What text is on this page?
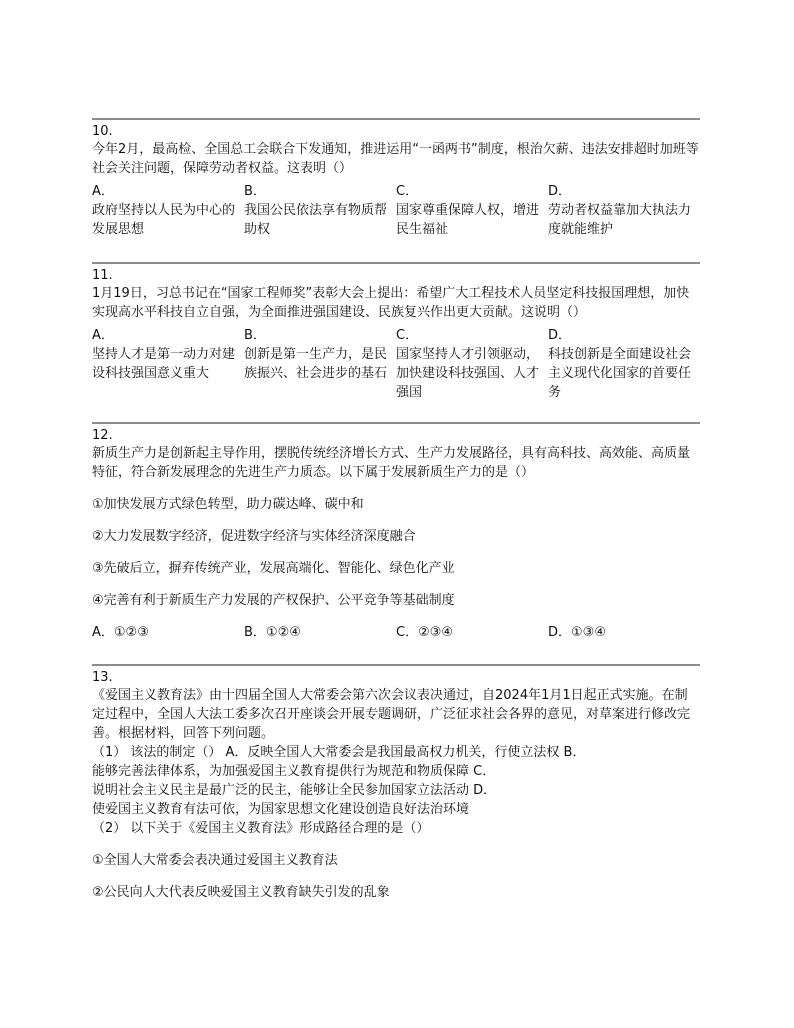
10.
今年2月，最高检、全国总工会联合下发通知，推进运用“一函两书”制度，根治欠薪、违法安排超时加班等社会关注问题，保障劳动者权益。这表明（）
A．
政府坚持以人民为中心的发展思想
B．
我国公民依法享有物质帮助权
C．
国家尊重保障人权，增进民生福祉
D．
劳动者权益靠加大执法力度就能维护
11.
1月19日，习总书记在“国家工程师奖”表彰大会上提出：希望广大工程技术人员坚定科技报国理想，加快实现高水平科技自立自强，为全面推进强国建设、民族复兴作出更大贡献。这说明（）
A．
坚持人才是第一动力对建设科技强国意义重大
B．
创新是第一生产力，是民族振兴、社会进步的基石
C．
国家坚持人才引领驱动，加快建设科技强国、人才强国
D．
科技创新是全面建设社会主义现代化国家的首要任务
12.
新质生产力是创新起主导作用，摆脱传统经济增长方式、生产力发展路径，具有高科技、高效能、高质量特征，符合新发展理念的先进生产力质态。以下属于发展新质生产力的是（）
①加快发展方式绿色转型，助力碳达峰、碳中和
②大力发展数字经济，促进数字经济与实体经济深度融合
③先破后立，摒弃传统产业，发展高端化、智能化、绿色化产业
④完善有利于新质生产力发展的产权保护、公平竞争等基础制度
A．①②③	B．①②④	C．②③④	D．①③④
13.
《爱国主义教育法》由十四届全国人大常委会第六次会议表决通过，自2024年1月1日起正式实施。在制定过程中，全国人大法工委多次召开座谈会开展专题调研，广泛征求社会各界的意见，对草案进行修改完善。根据材料，回答下列问题。
（1） 该法的制定（） A．反映全国人大常委会是我国最高权力机关，行使立法权 B．
能够完善法律体系，为加强爱国主义教育提供行为规范和物质保障 C．
说明社会主义民主是最广泛的民主，能够让全民参加国家立法活动 D．
使爱国主义教育有法可依，为国家思想文化建设创造良好法治环境
（2） 以下关于《爱国主义教育法》形成路径合理的是（）
①全国人大常委会表决通过爱国主义教育法
②公民向人大代表反映爱国主义教育缺失引发的乱象
